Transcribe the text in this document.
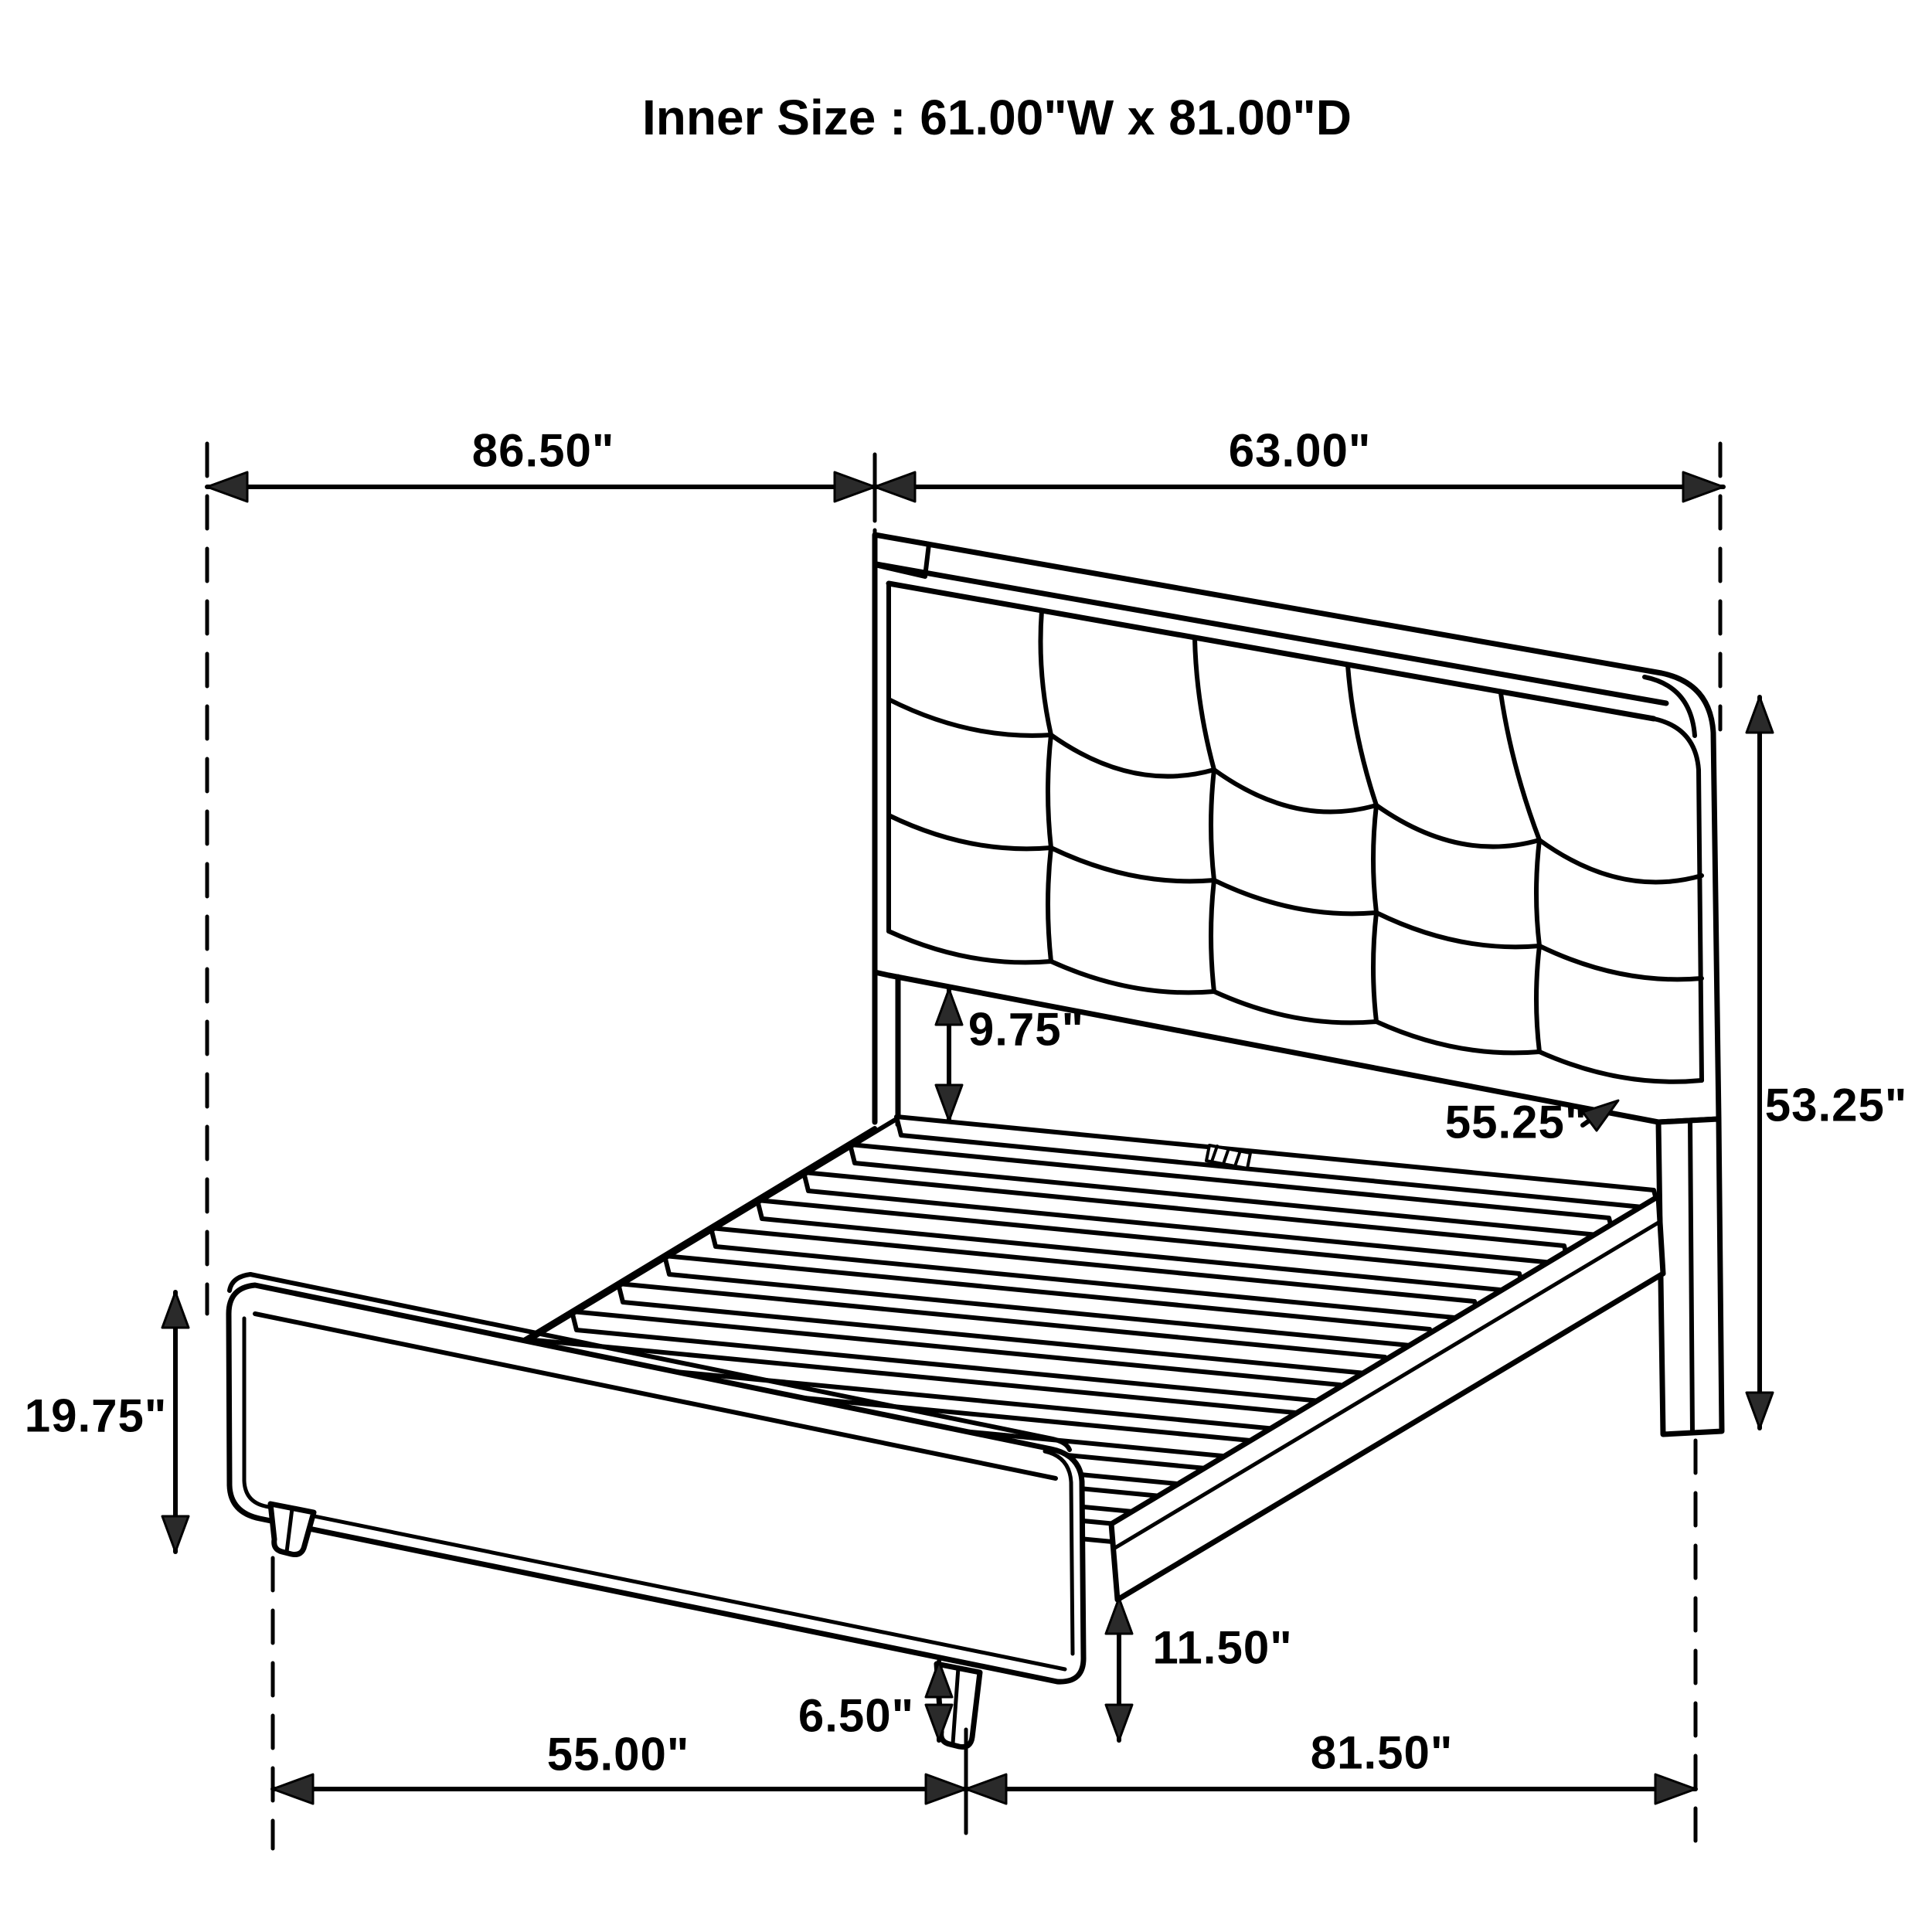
Inner Size : 61.00"W x 81.00"D
86.50"	63.00"
9.75"
55.25"	53.25"
19.75"
6.50"
11.50"
55.00"	81.50"
